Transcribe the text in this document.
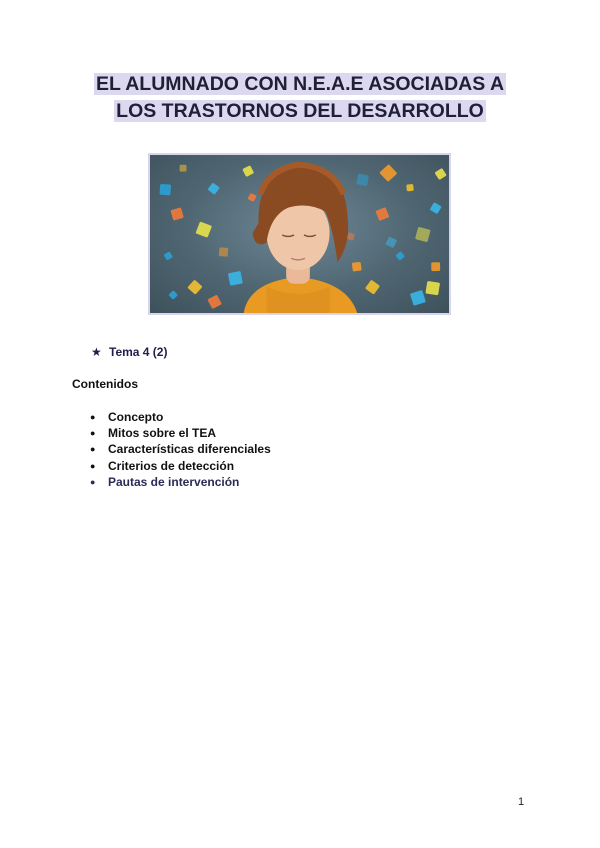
EL ALUMNADO CON N.E.A.E ASOCIADAS A
LOS TRASTORNOS DEL DESARROLLO
★ Tema 4 (2)
Contenidos
● Concepto
● Mitos sobre el TEA
● Características diferenciales
● Criterios de detección
● Pautas de intervención
1
